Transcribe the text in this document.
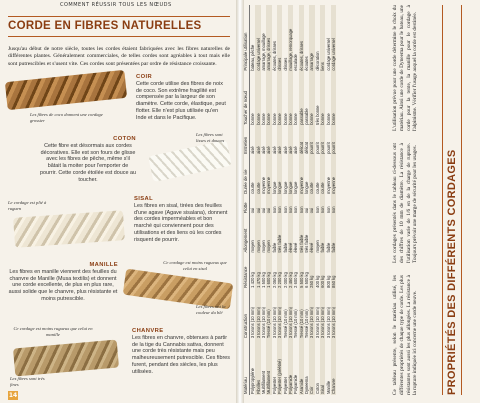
COMMENT RÉUSSIR TOUS LES NŒUDS
CORDE EN FIBRES NATURELLES
Jusqu'au début de notre siècle, toutes les cordes étaient fabriquées avec les fibres naturelles de différentes plantes. Généralement commerciales, de telles cordes sont agréables à tout mais elle sont putrescibles et s'usent vite. Ces cordes sont présentées par ordre de résistance croissante.
Les fibres de coco donnent une cordage grossier
COIR
Cette corde utilise des fibres de noix de coco. Son extrême fragilité est compensée par la largeur de son diamètre. Cette corde, élastique, peut flotter. Elle n'est plus utilisée qu'en Inde et dans le Pacifique.
Les fibres sont lisses et douces
COTON
Cette fibre est désormais aux cordes décoratives. Elle est son fours de glisse avec les fibres de pêche, même s'il bâtait la moiter pour l'emporter de pourrir. Cette corde étoilée est douce au toucher.
Le cordage est plié à ruguen
SISAL
Les fibres en sisal, tirées des feuilles d'une agave (Agave sisalana), donnent des cordes imperméables et bon marché qui conviennent pour des utilisations et des liens où les cordes risquent de pourrir.
MANILLE
Les fibres en manille viennent des feuilles du chanvre de Manille (Musa textilis) et donnent une corde excellente, de plus en plus rare, aussi solide que le chanvre, plus résistante et moins putrescible.
Ce cordage est moins rugueux que celui en sisal
Les fibres ont la couleur du blé
Ce cordage est moins rugueux que celui en manille
Les fibres sont très fines
CHANVRE
Les fibres en chanvre, obtenues à partir de la tige du Cannabis sativa, donnent une corde très résistante mais peu malheureusement putrescible. Ces fibres furent, pendant des siècles, les plus utilisées.
14
Matériau	Construction	Résistance	Allongement	Flotte	Durée de vie	Entretien	Toucher de nœud	Principale utilisation
Polypropylène	3 torons (10 mm)	1 420 kg	moyen	oui	courte	aisé	bonne	bateau, pêche
Fibrilles	3 torons (10 mm)	1 470 kg	moyen	oui	courte	aisé	bonne	cordage universel
Multifilament	3 torons (10 mm)	1 500 kg	moyen	oui	moyenne	aisé	bonne	amarrage, mouillage
Multifilament	Tressé (10 mm)	1 600 kg	moyen	oui	moyenne	aisé	bonne	amarrage, drisses
Polyester	3 torons (10 mm)	2 050 kg	faible	non	longue	aisé	bonne	écoutes, drisses
Polyester (préétiré)	3 torons (10 mm)	2 200 kg	très faible	non	longue	aisé	bonne	drisses
Polyester	Tressé (10 mm)	2 000 kg	faible	non	longue	aisé	bonne	drisses
Polyamide	3 torons (10 mm)	2 450 kg	élevé	non	longue	aisé	bonne	mouillage, remorquage
Polyamide	Tressé (10 mm)	2 600 kg	élevé	non	longue	aisé	bonne	escalade
Aramide	Tressé (10 mm)	5 500 kg	très faible	non	moyenne	délicat	passable	écoutes, drisses
Dyneema	Tressé (10 mm)	6 500 kg	très faible	oui	longue	délicat	passable	écoutes
Coir	3 torons (10 mm)	250 kg	élevé	oui	courte	pourrit	bonne	amarrage
Coton	3 torons (10 mm)	400 kg	moyen	non	courte	pourrit	très bonne	décoration
Sisal	3 torons (10 mm)	600 kg	faible	non	courte	pourrit	bonne	liens
Manille	3 torons (10 mm)	800 kg	faible	non	moyenne	pourrit	bonne	cordage universel
Chanvre	3 torons (10 mm)	850 kg	faible	non	moyenne	pourrit	bonne	cordage universel
PROPRIÉTÉS DES DIFFÉRENTS CORDAGES
Ce tableau présente, selon le matériau utilisé, les différentes propriétés de chaque type de corde. Les plus résistantes sont aussi les plus allongées. La résistance à la rupture indiquée ici concerne une corde neuve.
Les cordages présentés dans le tableau ci-dessous ont des chiffres de 10 mm de diamètre. La résistance à l'utilisation varie de 1/6 en de la charge de rupture. Toujours prévoir une marge de sécurité pour les usages.
L'utilisation prévue pour une corde détermine le choix du matériau. Ainsi une corde de Dyneema pour le bateau, une corde pour la tente, la manille pour le cordage à l'alpinisme. Vérifier l'usage auquel la corde est destinée.
